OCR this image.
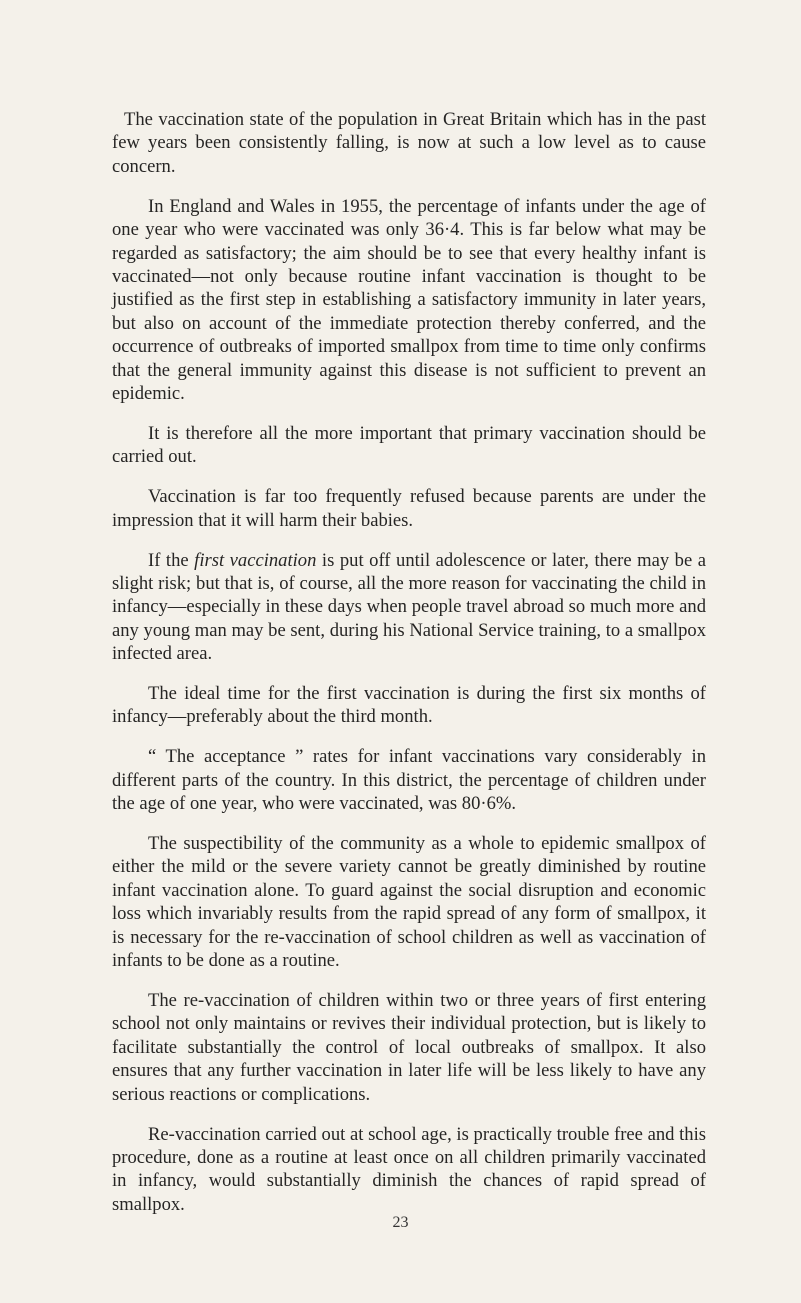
The vaccination state of the population in Great Britain which has in the past few years been consistently falling, is now at such a low level as to cause concern.

In England and Wales in 1955, the percentage of infants under the age of one year who were vaccinated was only 36·4. This is far below what may be regarded as satisfactory; the aim should be to see that every healthy infant is vaccinated—not only because routine infant vaccination is thought to be justified as the first step in establishing a satisfactory immunity in later years, but also on account of the immediate protection thereby conferred, and the occurrence of outbreaks of imported smallpox from time to time only confirms that the general immunity against this disease is not sufficient to prevent an epidemic.

It is therefore all the more important that primary vaccination should be carried out.

Vaccination is far too frequently refused because parents are under the impression that it will harm their babies.

If the first vaccination is put off until adolescence or later, there may be a slight risk; but that is, of course, all the more reason for vaccinating the child in infancy—especially in these days when people travel abroad so much more and any young man may be sent, during his National Service training, to a smallpox infected area.

The ideal time for the first vaccination is during the first six months of infancy—preferably about the third month.

“ The acceptance ” rates for infant vaccinations vary considerably in different parts of the country. In this district, the percentage of children under the age of one year, who were vaccinated, was 80·6%.

The suspectibility of the community as a whole to epidemic smallpox of either the mild or the severe variety cannot be greatly diminished by routine infant vaccination alone. To guard against the social disruption and economic loss which invariably results from the rapid spread of any form of smallpox, it is necessary for the re-vaccination of school children as well as vaccination of infants to be done as a routine.

The re-vaccination of children within two or three years of first entering school not only maintains or revives their individual protection, but is likely to facilitate substantially the control of local outbreaks of smallpox. It also ensures that any further vaccination in later life will be less likely to have any serious reactions or complications.

Re-vaccination carried out at school age, is practically trouble free and this procedure, done as a routine at least once on all children primarily vaccinated in infancy, would substantially diminish the chances of rapid spread of smallpox.

23
